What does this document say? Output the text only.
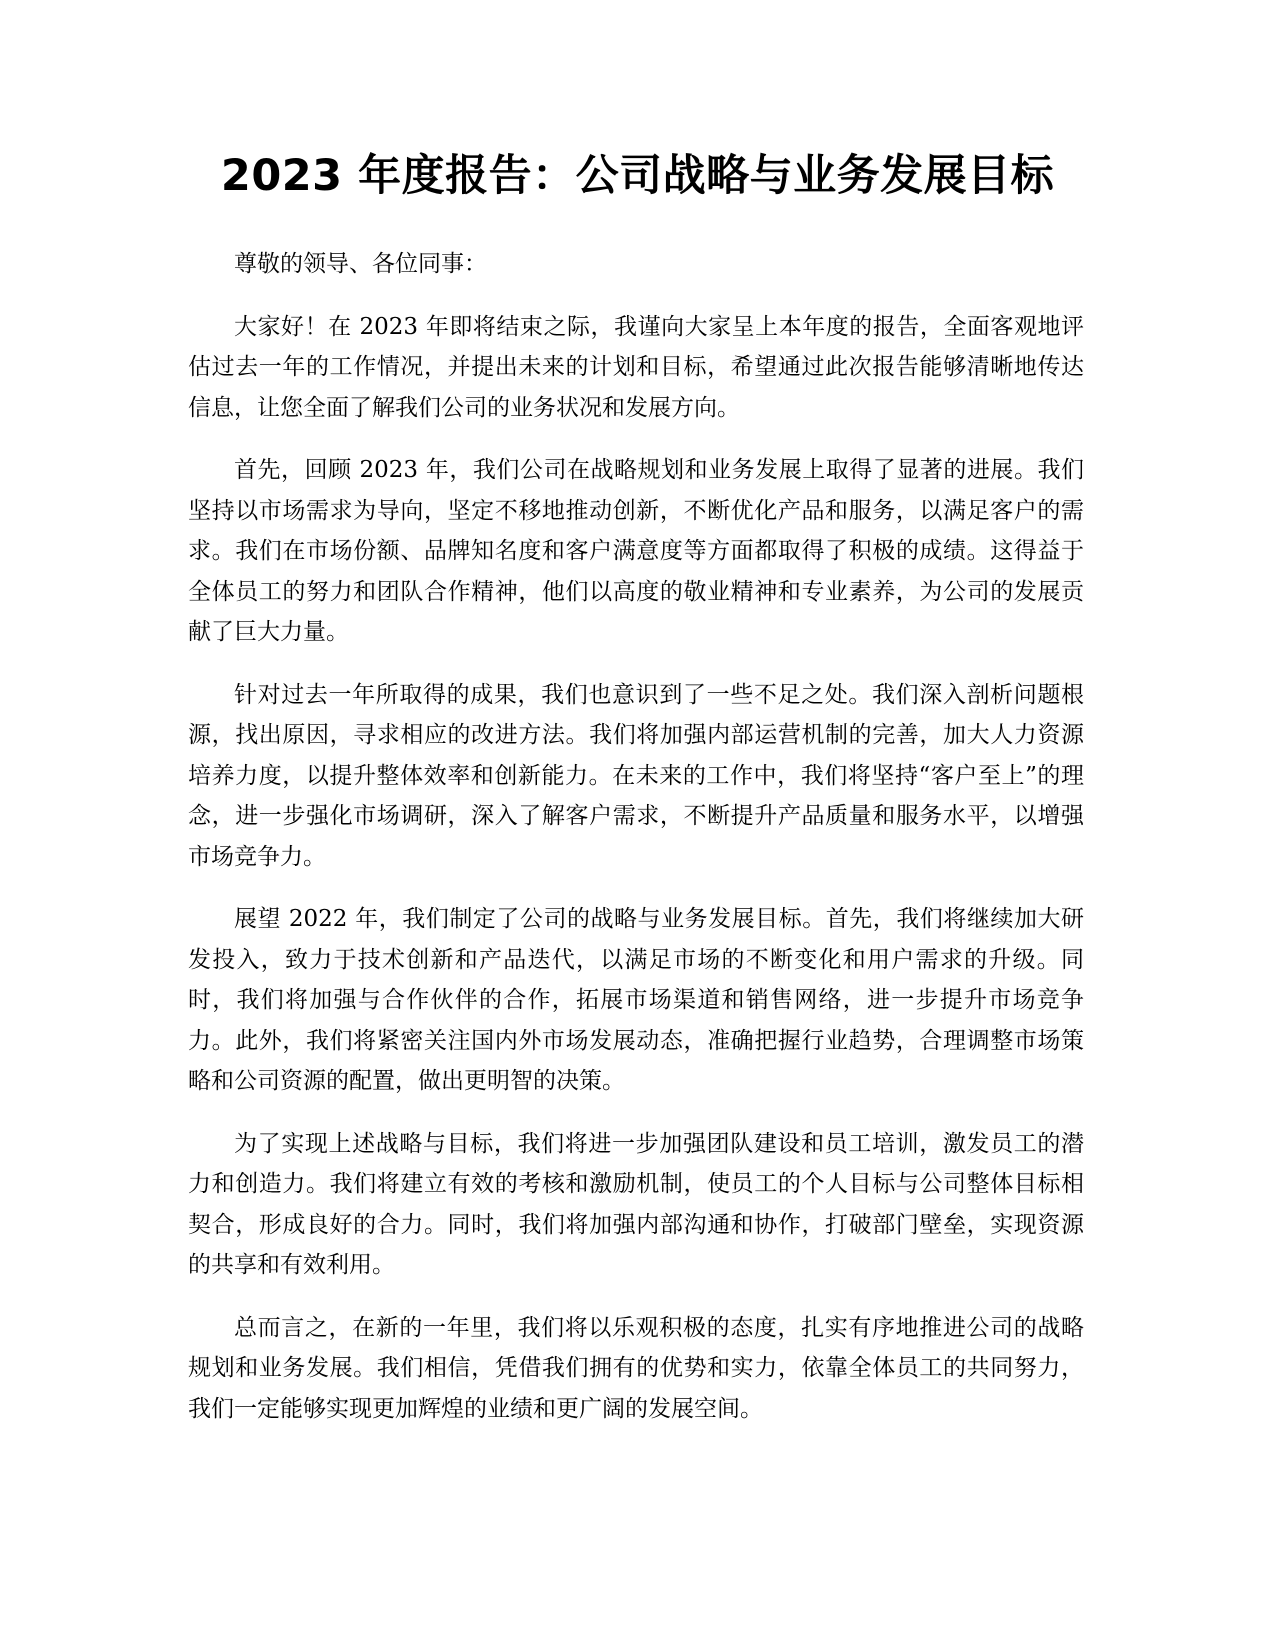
2023 年度报告：公司战略与业务发展目标

尊敬的领导、各位同事：

大家好！在 2023 年即将结束之际，我谨向大家呈上本年度的报告，全面客观地评估过去一年的工作情况，并提出未来的计划和目标，希望通过此次报告能够清晰地传达信息，让您全面了解我们公司的业务状况和发展方向。

首先，回顾 2023 年，我们公司在战略规划和业务发展上取得了显著的进展。我们坚持以市场需求为导向，坚定不移地推动创新，不断优化产品和服务，以满足客户的需求。我们在市场份额、品牌知名度和客户满意度等方面都取得了积极的成绩。这得益于全体员工的努力和团队合作精神，他们以高度的敬业精神和专业素养，为公司的发展贡献了巨大力量。

针对过去一年所取得的成果，我们也意识到了一些不足之处。我们深入剖析问题根源，找出原因，寻求相应的改进方法。我们将加强内部运营机制的完善，加大人力资源培养力度，以提升整体效率和创新能力。在未来的工作中，我们将坚持“客户至上”的理念，进一步强化市场调研，深入了解客户需求，不断提升产品质量和服务水平，以增强市场竞争力。

展望 2022 年，我们制定了公司的战略与业务发展目标。首先，我们将继续加大研发投入，致力于技术创新和产品迭代，以满足市场的不断变化和用户需求的升级。同时，我们将加强与合作伙伴的合作，拓展市场渠道和销售网络，进一步提升市场竞争力。此外，我们将紧密关注国内外市场发展动态，准确把握行业趋势，合理调整市场策略和公司资源的配置，做出更明智的决策。

为了实现上述战略与目标，我们将进一步加强团队建设和员工培训，激发员工的潜力和创造力。我们将建立有效的考核和激励机制，使员工的个人目标与公司整体目标相契合，形成良好的合力。同时，我们将加强内部沟通和协作，打破部门壁垒，实现资源的共享和有效利用。

总而言之，在新的一年里，我们将以乐观积极的态度，扎实有序地推进公司的战略规划和业务发展。我们相信，凭借我们拥有的优势和实力，依靠全体员工的共同努力，我们一定能够实现更加辉煌的业绩和更广阔的发展空间。
